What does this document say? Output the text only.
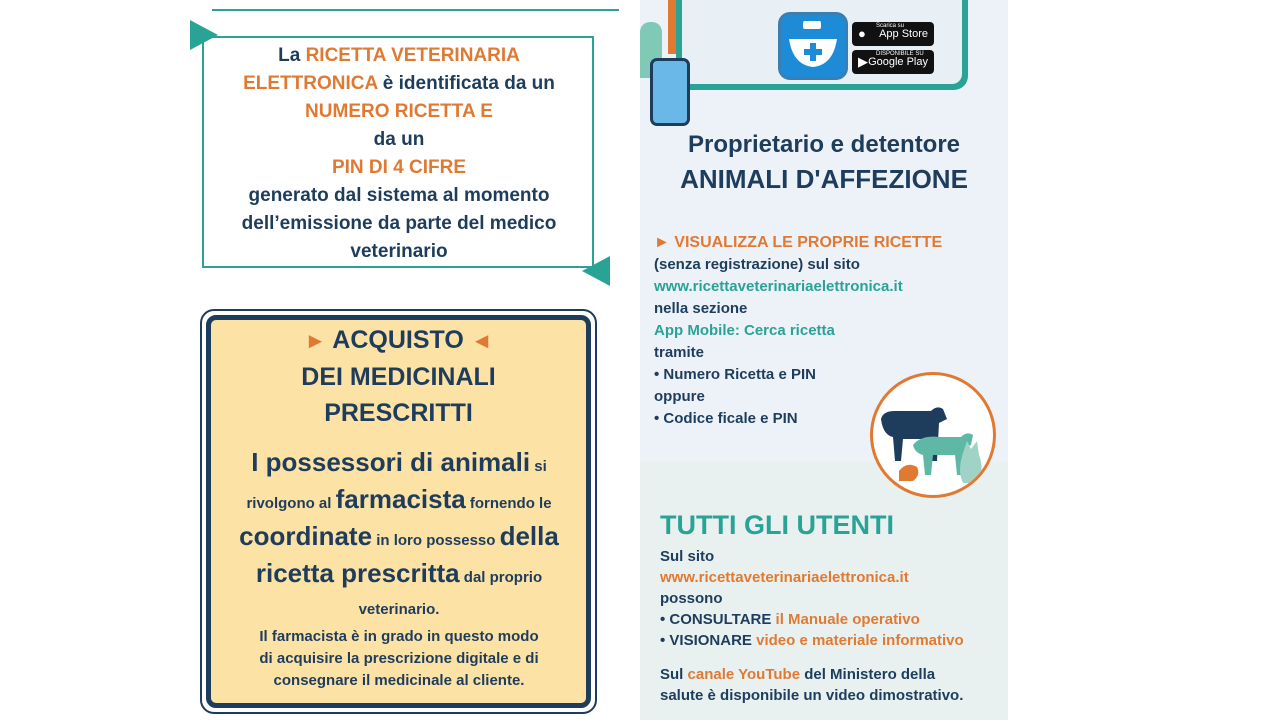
La RICETTA VETERINARIA
ELETTRONICA è identificata da un
NUMERO RICETTA E
da un
PIN DI 4 CIFRE
generato dal sistema al momento
dell’emissione da parte del medico
veterinario
► ACQUISTO ◄
DEI MEDICINALI
PRESCRITTI
I possessori di animali si
rivolgono al farmacista fornendo le
coordinate in loro possesso della
ricetta prescritta dal proprio
veterinario.
Il farmacista è in grado in questo modo
di acquisire la prescrizione digitale e di
consegnare il medicinale al cliente.
● Scarica su
App Store
▶ DISPONIBILE SU
Google Play
Proprietario e detentore
ANIMALI D'AFFEZIONE
► VISUALIZZA LE PROPRIE RICETTE
(senza registrazione) sul sito
www.ricettaveterinariaelettronica.it
nella sezione
App Mobile: Cerca ricetta
tramite
• Numero Ricetta e PIN
oppure
• Codice ficale e PIN
TUTTI GLI UTENTI
Sul sito
www.ricettaveterinariaelettronica.it
possono
• CONSULTARE il Manuale operativo
• VISIONARE video e materiale informativo
Sul canale YouTube del Ministero della
salute è disponibile un video dimostrativo.
